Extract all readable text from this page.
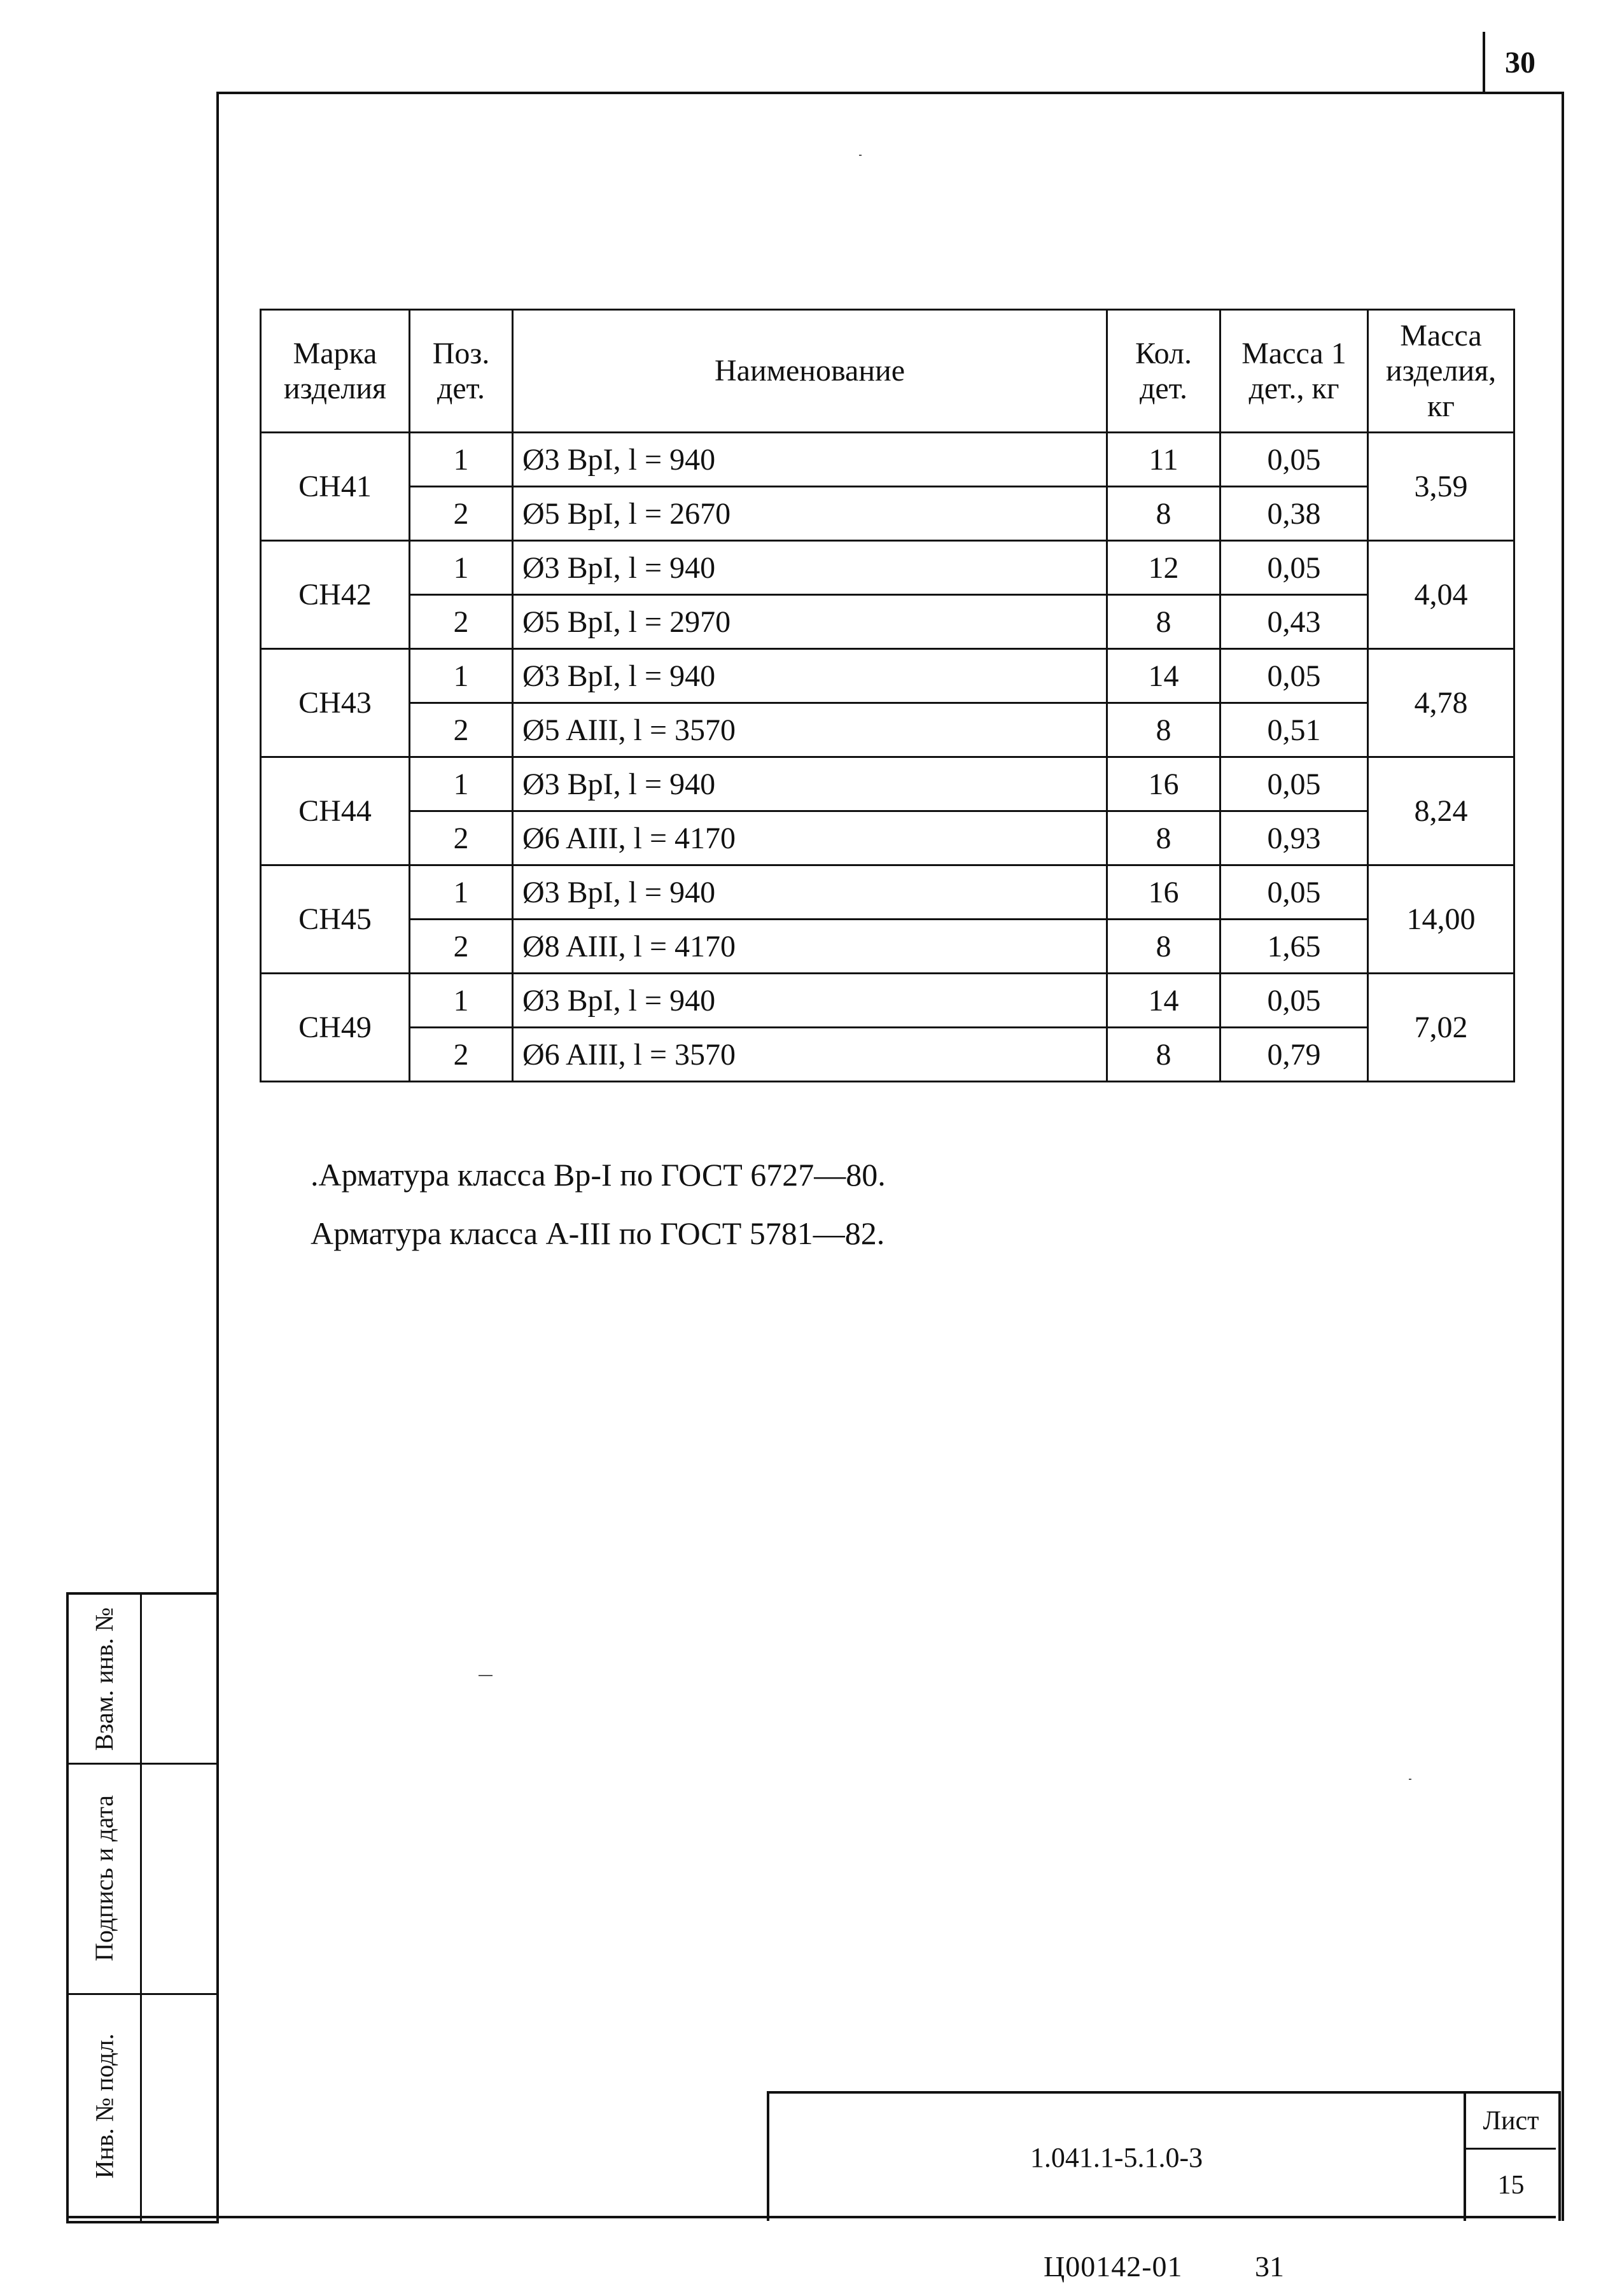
30
Марка изделия	Поз. дет.	Наименование	Кол. дет.	Масса 1 дет., кг	Масса изделия, кг
СН41	1	Ø3 ВрI, l = 940	11	0,05	3,59
	2	Ø5 ВрI, l = 2670	8	0,38	
СН42	1	Ø3 ВрI, l = 940	12	0,05	4,04
	2	Ø5 ВрI, l = 2970	8	0,43	
СН43	1	Ø3 ВрI, l = 940	14	0,05	4,78
	2	Ø5 AIII, l = 3570	8	0,51	
СН44	1	Ø3 ВрI, l = 940	16	0,05	8,24
	2	Ø6 AIII, l = 4170	8	0,93	
СН45	1	Ø3 ВрI, l = 940	16	0,05	14,00
	2	Ø8 AIII, l = 4170	8	1,65	
СН49	1	Ø3 ВрI, l = 940	14	0,05	7,02
	2	Ø6 AIII, l = 3570	8	0,79	
.Арматура класса Вр-I по ГОСТ 6727—80.
Арматура класса А-III по ГОСТ 5781—82.
Взам. инв. №
Подпись и дата
Инв. № подл.	1.041.1-5.1.0-3
Лист
15
Ц00142-01 31
